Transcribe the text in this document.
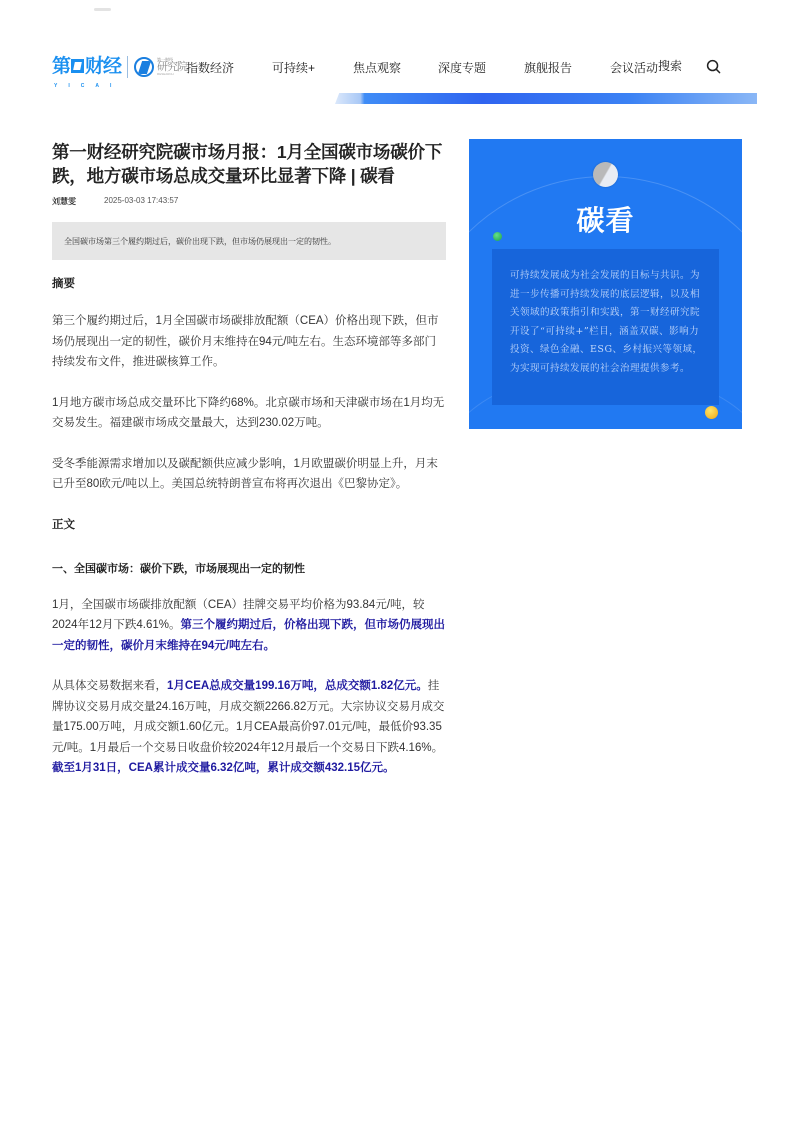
第 财经
YICAI
第一财经
研究院
RESEARCH	指数经济	可持续+	焦点观察	深度专题	旗舰报告	会议活动 搜索
第一财经研究院碳市场月报：1月全国碳市场碳价下跌，地方碳市场总成交量环比显著下降 | 碳看
刘慧雯	2025-03-03 17:43:57
全国碳市场第三个履约期过后，碳价出现下跌，但市场仍展现出一定的韧性。
摘要

第三个履约期过后，1月全国碳市场碳排放配额（CEA）价格出现下跌，但市场仍展现出一定的韧性，碳价月末维持在94元/吨左右。生态环境部等多部门持续发布文件，推进碳核算工作。

1月地方碳市场总成交量环比下降约68%。北京碳市场和天津碳市场在1月均无交易发生。福建碳市场成交量最大，达到230.02万吨。

受冬季能源需求增加以及碳配额供应减少影响，1月欧盟碳价明显上升，月末已升至80欧元/吨以上。美国总统特朗普宣布将再次退出《巴黎协定》。

正文
一、全国碳市场：碳价下跌，市场展现出一定的韧性

1月，全国碳市场碳排放配额（CEA）挂牌交易平均价格为93.84元/吨，较2024年12月下跌4.61%。第三个履约期过后，价格出现下跌，但市场仍展现出一定的韧性，碳价月末维持在94元/吨左右。

从具体交易数据来看，1月CEA总成交量199.16万吨，总成交额1.82亿元。挂牌协议交易月成交量24.16万吨，月成交额2266.82万元。大宗协议交易月成交量175.00万吨，月成交额1.60亿元。1月CEA最高价97.01元/吨，最低价93.35元/吨。1月最后一个交易日收盘价较2024年12月最后一个交易日下跌4.16%。截至1月31日，CEA累计成交量6.32亿吨，累计成交额432.15亿元。

碳看

可持续发展成为社会发展的目标与共识。为进一步传播可持续发展的底层逻辑，以及相关领域的政策指引和实践，第一财经研究院开设了“可持续+”栏目，涵盖双碳、影响力投资、绿色金融、ESG、乡村振兴等领域，为实现可持续发展的社会治理提供参考。
